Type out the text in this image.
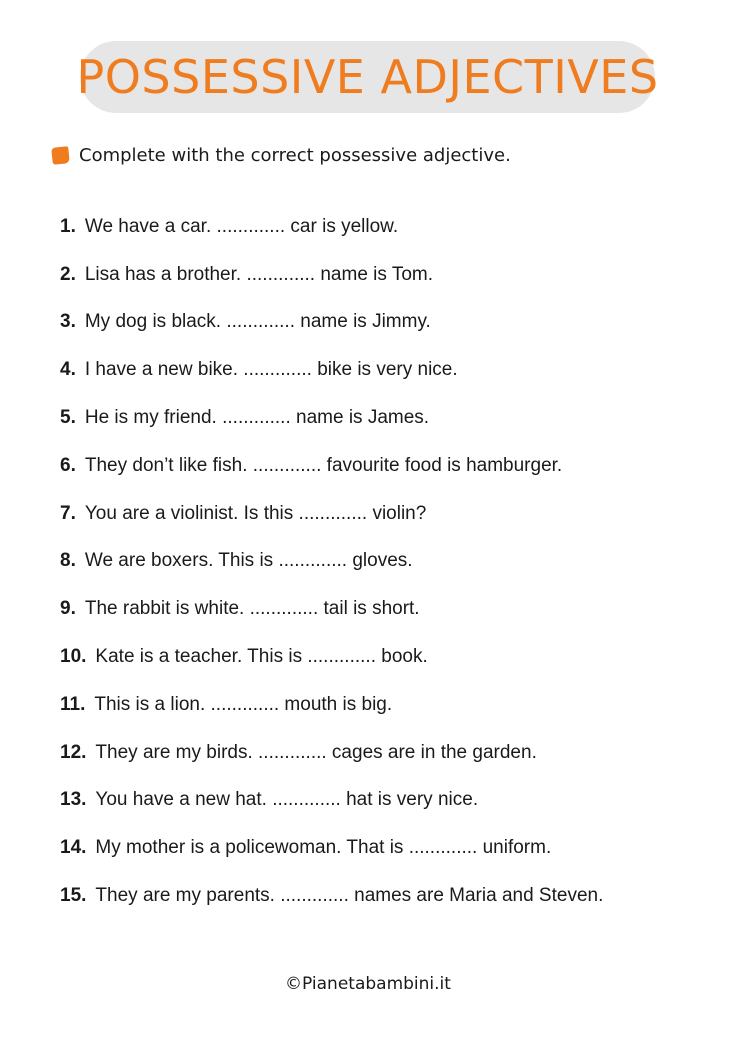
POSSESSIVE ADJECTIVES
Complete with the correct possessive adjective.
1. We have a car. ............. car is yellow.
2. Lisa has a brother. ............. name is Tom.
3. My dog is black. ............. name is Jimmy.
4. I have a new bike. ............. bike is very nice.
5. He is my friend. ............. name is James.
6. They don’t like fish. ............. favourite food is hamburger.
7. You are a violinist. Is this ............. violin?
8. We are boxers. This is ............. gloves.
9. The rabbit is white. ............. tail is short.
10. Kate is a teacher. This is ............. book.
11. This is a lion. ............. mouth is big.
12. They are my birds. ............. cages are in the garden.
13. You have a new hat. ............. hat is very nice.
14. My mother is a policewoman. That is ............. uniform.
15. They are my parents. ............. names are Maria and Steven.
©Pianetabambini.it
